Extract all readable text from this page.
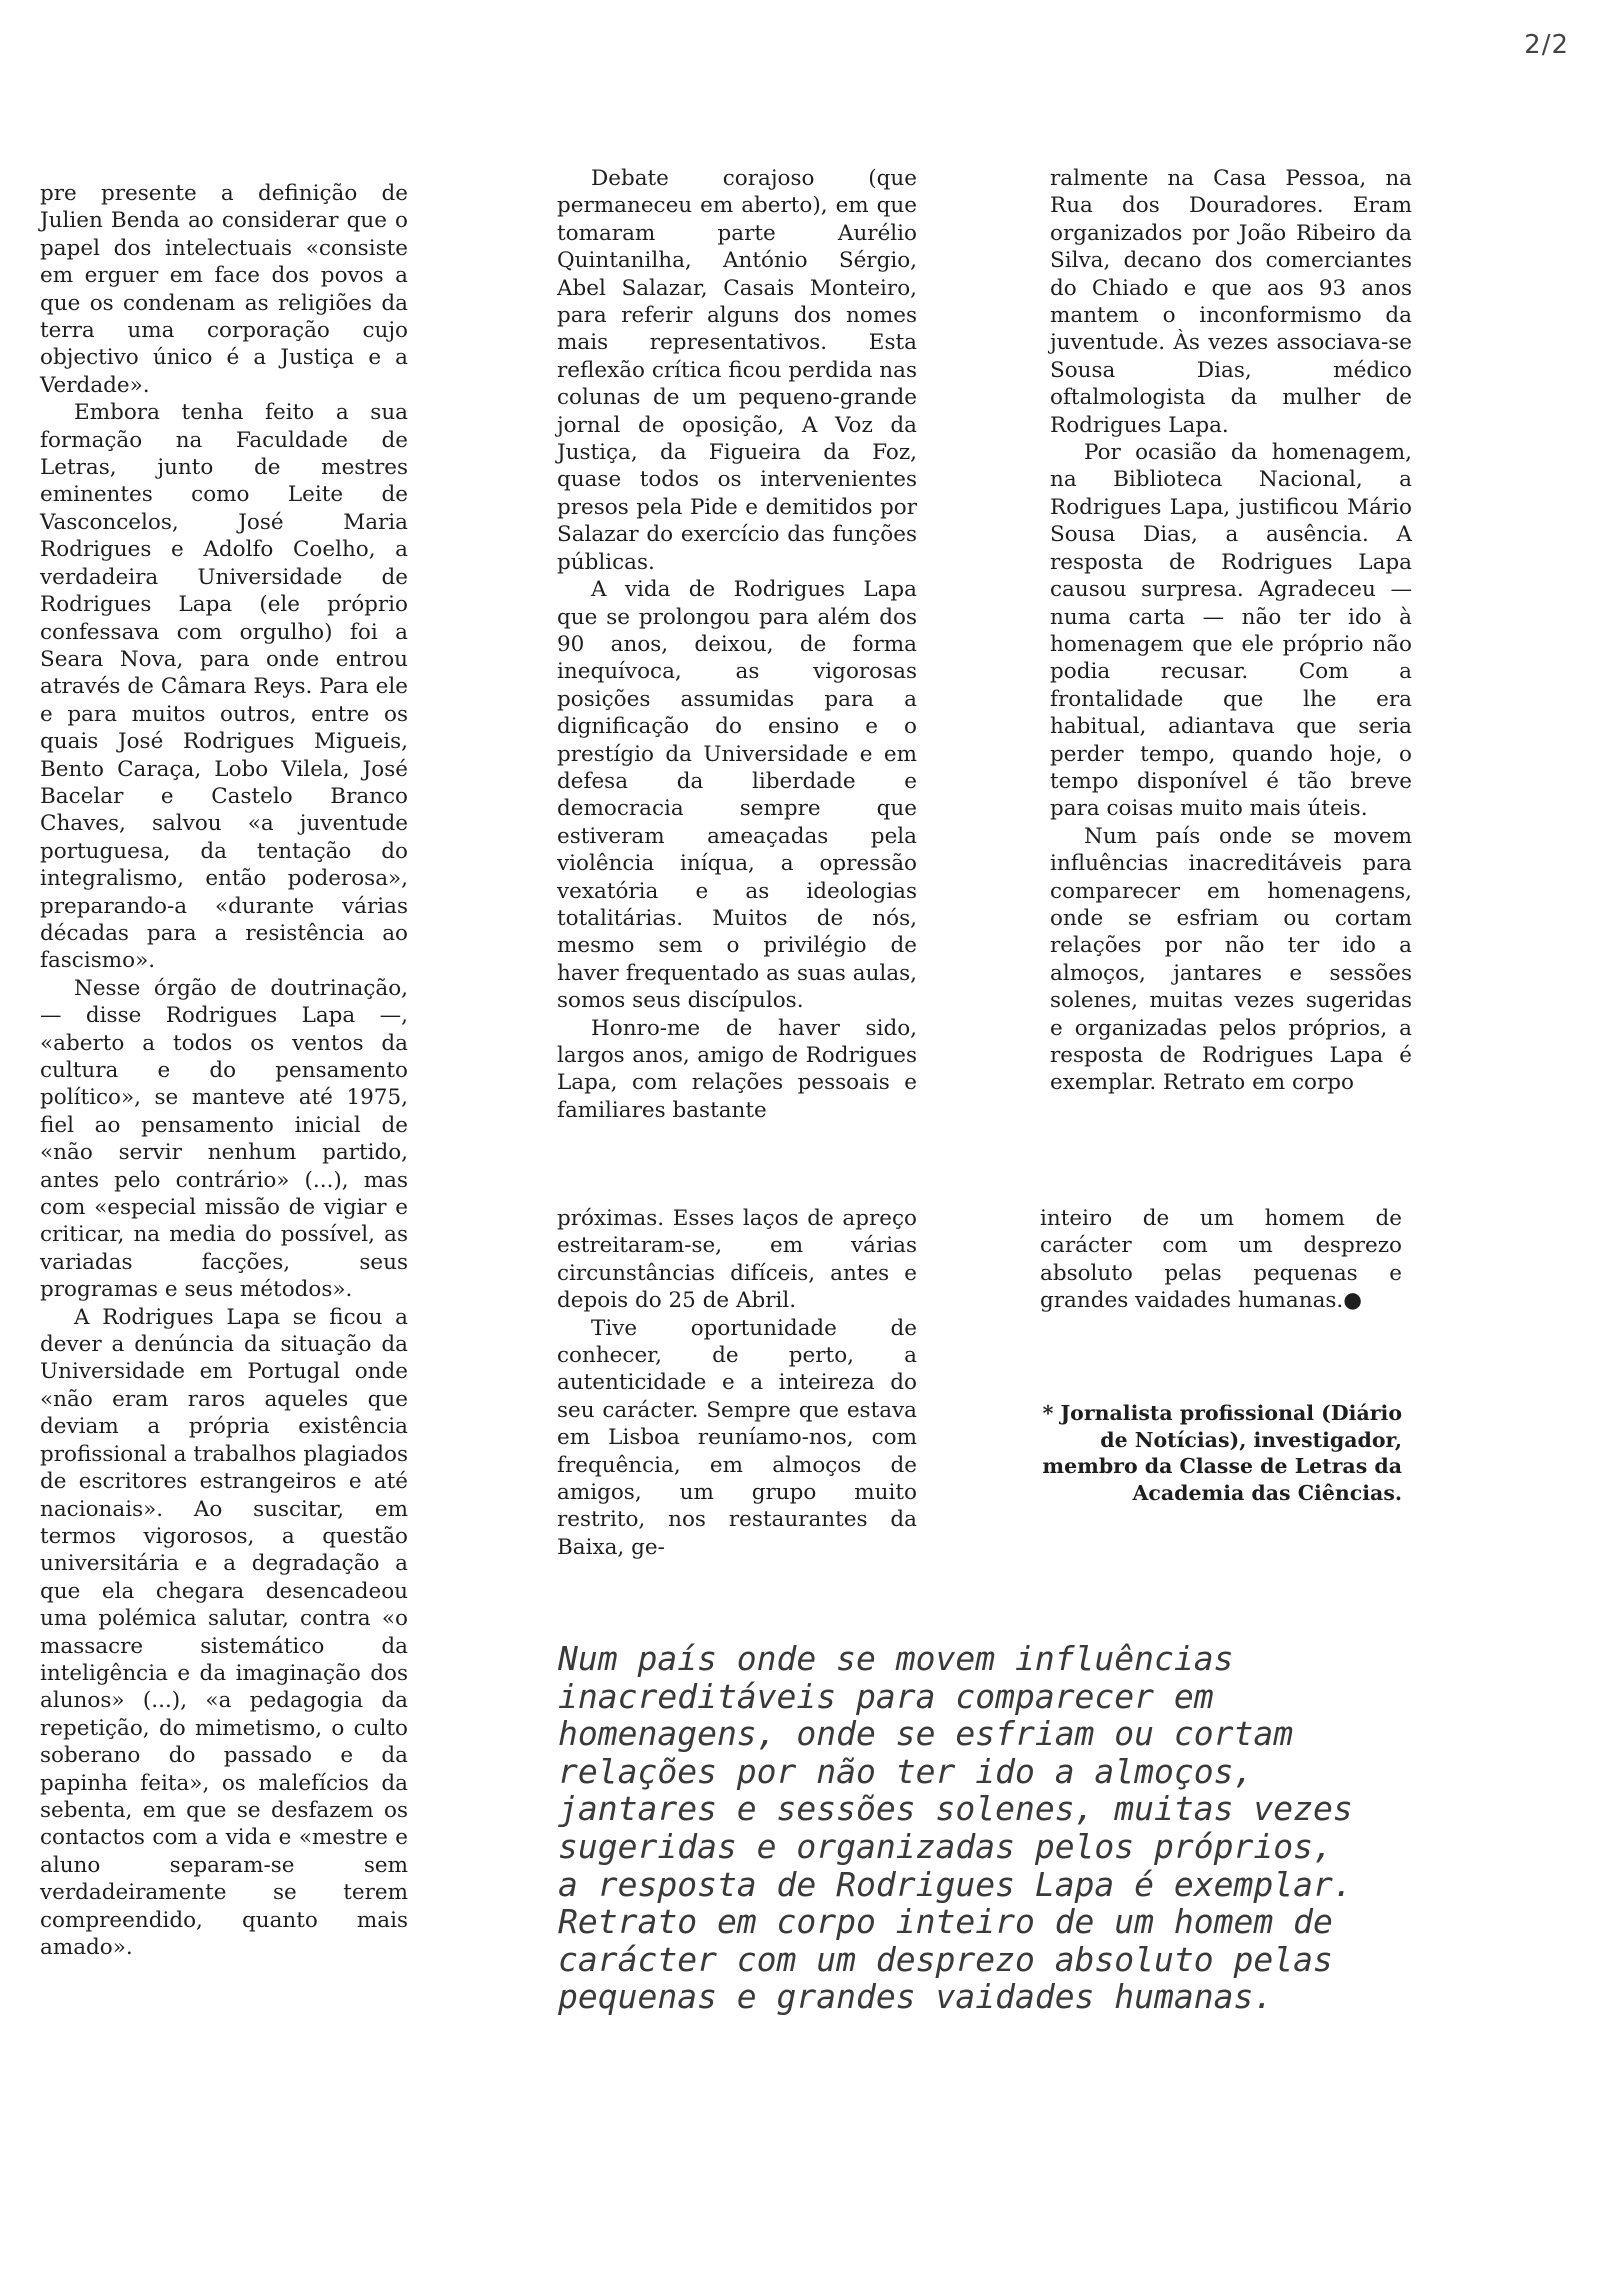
2/2

pre presente a definição de Julien Benda ao considerar que o papel dos intelectuais «consiste em erguer em face dos povos a que os condenam as religiões da terra uma corporação cujo objectivo único é a Justiça e a Verdade».

Embora tenha feito a sua formação na Faculdade de Letras, junto de mestres eminentes como Leite de Vasconcelos, José Maria Rodrigues e Adolfo Coelho, a verdadeira Universidade de Rodrigues Lapa (ele próprio confessava com orgulho) foi a Seara Nova, para onde entrou através de Câmara Reys. Para ele e para muitos outros, entre os quais José Rodrigues Migueis, Bento Caraça, Lobo Vilela, José Bacelar e Castelo Branco Chaves, salvou «a juventude portuguesa, da tentação do integralismo, então poderosa», preparando-a «durante várias décadas para a resistência ao fascismo».

Nesse órgão de doutrinação, — disse Rodrigues Lapa —, «aberto a todos os ventos da cultura e do pensamento político», se manteve até 1975, fiel ao pensamento inicial de «não servir nenhum partido, antes pelo contrário» (...), mas com «especial missão de vigiar e criticar, na media do possível, as variadas facções, seus programas e seus métodos».

A Rodrigues Lapa se ficou a dever a denúncia da situação da Universidade em Portugal onde «não eram raros aqueles que deviam a própria existência profissional a trabalhos plagiados de escritores estrangeiros e até nacionais». Ao suscitar, em termos vigorosos, a questão universitária e a degradação a que ela chegara desencadeou uma polémica salutar, contra «o massacre sistemático da inteligência e da imaginação dos alunos» (...), «a pedagogia da repetição, do mimetismo, o culto soberano do passado e da papinha feita», os malefícios da sebenta, em que se desfazem os contactos com a vida e «mestre e aluno separam-se sem verdadeiramente se terem compreendido, quanto mais amado».

Debate corajoso (que permaneceu em aberto), em que tomaram parte Aurélio Quintanilha, António Sérgio, Abel Salazar, Casais Monteiro, para referir alguns dos nomes mais representativos. Esta reflexão crítica ficou perdida nas colunas de um pequeno-grande jornal de oposição, A Voz da Justiça, da Figueira da Foz, quase todos os intervenientes presos pela Pide e demitidos por Salazar do exercício das funções públicas.

A vida de Rodrigues Lapa que se prolongou para além dos 90 anos, deixou, de forma inequívoca, as vigorosas posições assumidas para a dignificação do ensino e o prestígio da Universidade e em defesa da liberdade e democracia sempre que estiveram ameaçadas pela violência iníqua, a opressão vexatória e as ideologias totalitárias. Muitos de nós, mesmo sem o privilégio de haver frequentado as suas aulas, somos seus discípulos.

Honro-me de haver sido, largos anos, amigo de Rodrigues Lapa, com relações pessoais e familiares bastante

ralmente na Casa Pessoa, na Rua dos Douradores. Eram organizados por João Ribeiro da Silva, decano dos comerciantes do Chiado e que aos 93 anos mantem o inconformismo da juventude. Às vezes associava-se Sousa Dias, médico oftalmologista da mulher de Rodrigues Lapa.

Por ocasião da homenagem, na Biblioteca Nacional, a Rodrigues Lapa, justificou Mário Sousa Dias, a ausência. A resposta de Rodrigues Lapa causou surpresa. Agradeceu — numa carta — não ter ido à homenagem que ele próprio não podia recusar. Com a frontalidade que lhe era habitual, adiantava que seria perder tempo, quando hoje, o tempo disponível é tão breve para coisas muito mais úteis.

Num país onde se movem influências inacreditáveis para comparecer em homenagens, onde se esfriam ou cortam relações por não ter ido a almoços, jantares e sessões solenes, muitas vezes sugeridas e organizadas pelos próprios, a resposta de Rodrigues Lapa é exemplar. Retrato em corpo

próximas. Esses laços de apreço estreitaram-se, em várias circunstâncias difíceis, antes e depois do 25 de Abril.

Tive oportunidade de conhecer, de perto, a autenticidade e a inteireza do seu carácter. Sempre que estava em Lisboa reuníamo-nos, com frequência, em almoços de amigos, um grupo muito restrito, nos restaurantes da Baixa, ge-

inteiro de um homem de carácter com um desprezo absoluto pelas pequenas e grandes vaidades humanas.●

* Jornalista profissional (Diário de Notícias), investigador, membro da Classe de Letras da Academia das Ciências.
Num país onde se movem influências inacreditáveis para comparecer em homenagens, onde se esfriam ou cortam relações por não ter ido a almoços, jantares e sessões solenes, muitas vezes sugeridas e organizadas pelos próprios, a resposta de Rodrigues Lapa é exemplar. Retrato em corpo inteiro de um homem de carácter com um desprezo absoluto pelas pequenas e grandes vaidades humanas.
